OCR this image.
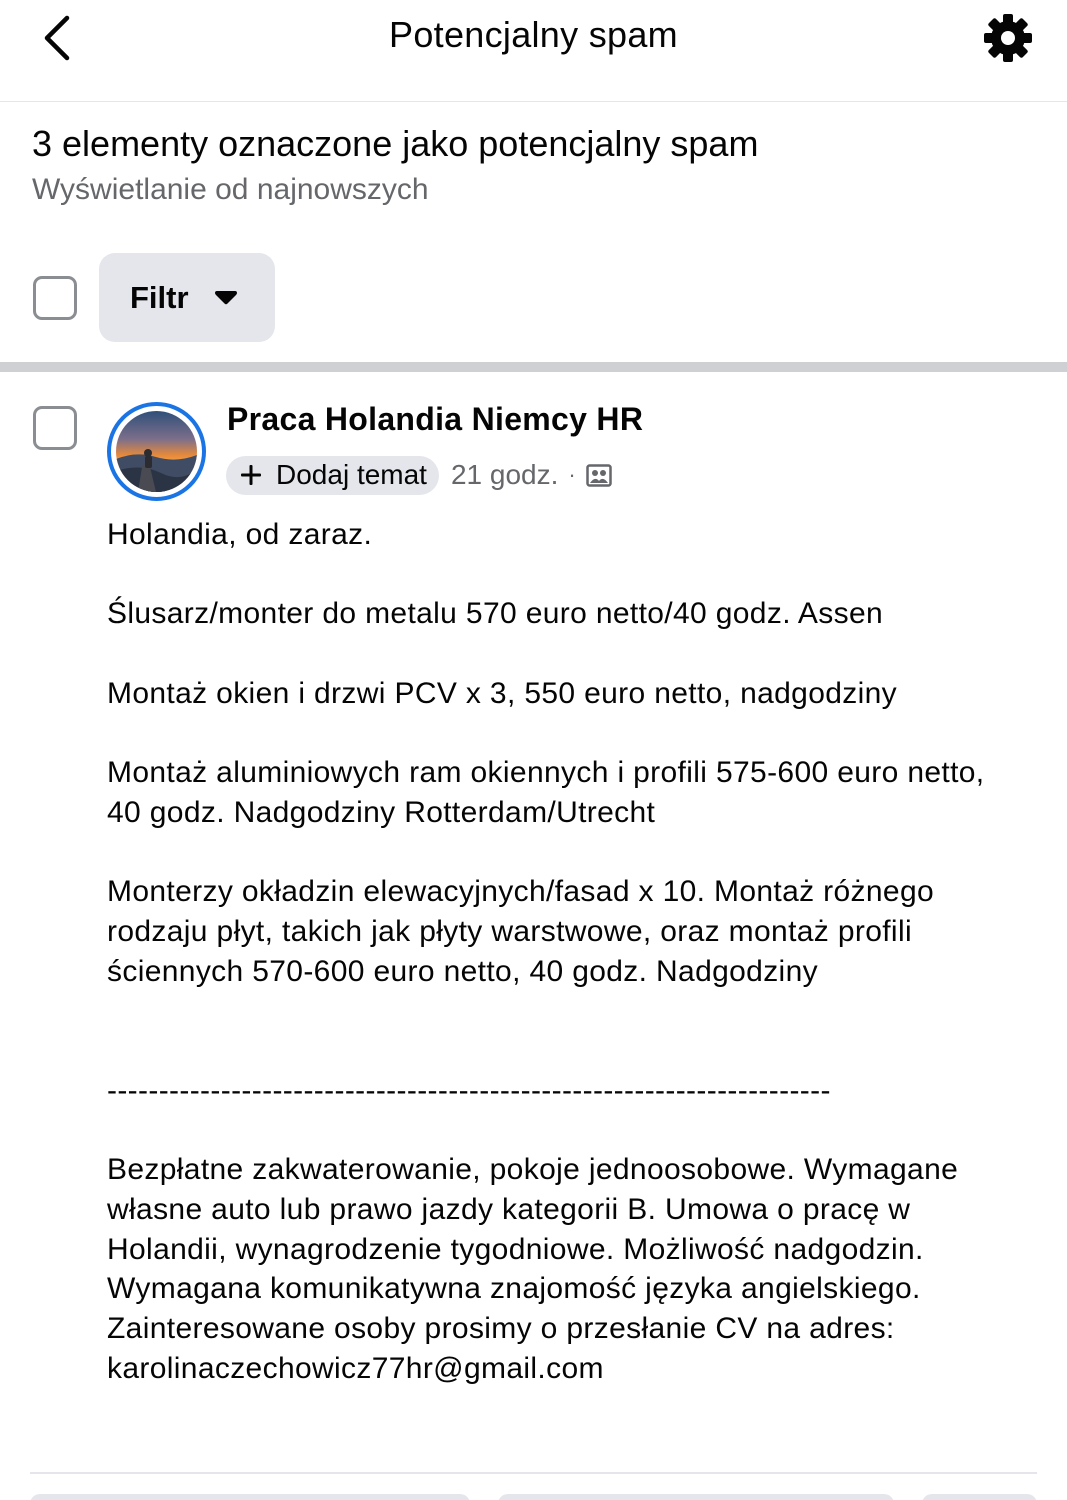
Potencjalny spam
3 elementy oznaczone jako potencjalny spam
Wyświetlanie od najnowszych
Filtr
Praca Holandia Niemcy HR
Dodaj temat 21 godz. ·

Holandia, od zaraz.

Ślusarz/monter do metalu 570 euro netto/40 godz. Assen

Montaż okien i drzwi PCV x 3, 550 euro netto, nadgodziny

Montaż aluminiowych ram okiennych i profili 575-600 euro netto, 40 godz. Nadgodziny Rotterdam/Utrecht

Monterzy okładzin elewacyjnych/fasad x 10. Montaż różnego rodzaju płyt, takich jak płyty warstwowe, oraz montaż profili ściennych 570-600 euro netto, 40 godz. Nadgodziny

----------------------------------------------------------------------

Bezpłatne zakwaterowanie, pokoje jednoosobowe. Wymagane własne auto lub prawo jazdy kategorii B. Umowa o pracę w Holandii, wynagrodzenie tygodniowe. Możliwość nadgodzin. Wymagana komunikatywna znajomość języka angielskiego. Zainteresowane osoby prosimy o przesłanie CV na adres: karolinaczechowicz77hr@gmail.com
